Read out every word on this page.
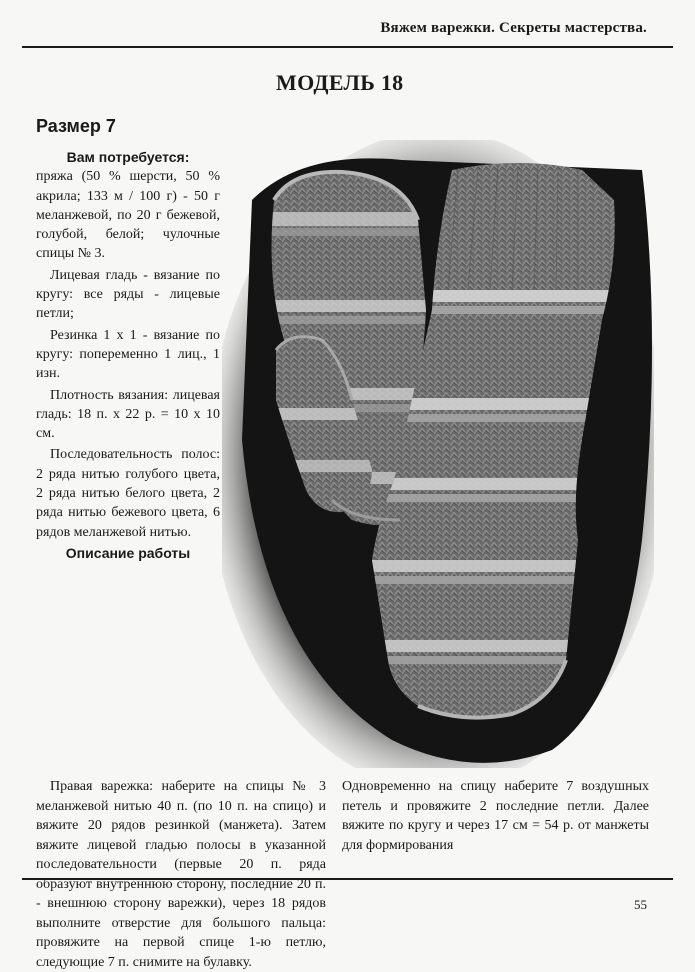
Вяжем варежки. Секреты мастерства.
МОДЕЛЬ 18
Размер 7
Вам потребуется:

пряжа (50 % шерсти, 50 % акрила; 133 м / 100 г) - 50 г меланжевой, по 20 г бежевой, голубой, белой; чулочные спицы № 3.

Лицевая гладь - вязание по кругу: все ряды - лицевые петли;

Резинка 1 х 1 - вязание по кругу: попеременно 1 лиц., 1 изн.

Плотность вязания: лицевая гладь: 18 п. х 22 р. = 10 х 10 см.

Последовательность полос: 2 ряда нитью голубого цвета, 2 ряда нитью белого цвета, 2 ряда нитью бежевого цвета, 6 рядов меланжевой нитью.

Описание работы

Правая варежка: наберите на спицы № 3 меланжевой нитью 40 п. (по 10 п. на спицо) и вяжите 20 рядов резинкой (манжета). Затем вяжите лицевой гладью полосы в указанной последовательности (первые 20 п. ряда образуют внутреннюю сторону, последние 20 п. - внешнюю сторону варежки), через 18 рядов выполните отверстие для большого пальца: провяжите на первой спице 1-ю петлю, следующие 7 п. снимите на булавку.

Одновременно на спицу наберите 7 воздушных петель и провяжите 2 последние петли. Далее вяжите по кругу и через 17 см = 54 р. от манжеты для формирования

55
